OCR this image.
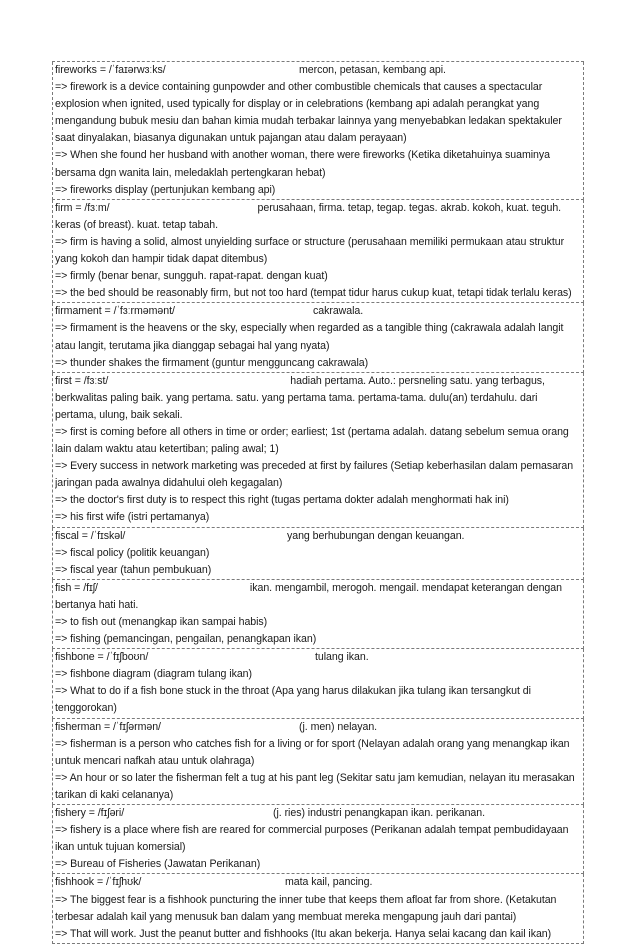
fireworks = /ˈfaɪərwɜːks/	mercon, petasan, kembang api.
=> firework is a device containing gunpowder and other combustible chemicals that causes a spectacular explosion when ignited, used typically for display or in celebrations (kembang api adalah perangkat yang mengandung bubuk mesiu dan bahan kimia mudah terbakar lainnya yang menyebabkan ledakan spektakuler saat dinyalakan, biasanya digunakan untuk pajangan atau dalam perayaan)
=> When she found her husband with another woman, there were fireworks (Ketika diketahuinya suaminya bersama dgn wanita lain, meledaklah pertengkaran hebat)
=> fireworks display (pertunjukan kembang api)
firm = /fɜːm/	perusahaan, firma. tetap, tegap. tegas. akrab. kokoh, kuat. teguh. keras (of breast). kuat. tetap tabah.
=> firm is having a solid, almost unyielding surface or structure (perusahaan memiliki permukaan atau struktur yang kokoh dan hampir tidak dapat ditembus)
=> firmly (benar benar, sungguh. rapat-rapat. dengan kuat)
=> the bed should be reasonably firm, but not too hard (tempat tidur harus cukup kuat, tetapi tidak terlalu keras)
firmament = /ˈfɜːrməmənt/	cakrawala.
=> firmament is the heavens or the sky, especially when regarded as a tangible thing (cakrawala adalah langit atau langit, terutama jika dianggap sebagai hal yang nyata)
=> thunder shakes the firmament (guntur mengguncang cakrawala)
first = /fɜːst/	hadiah pertama. Auto.: persneling satu. yang terbagus, berkwalitas paling baik. yang pertama. satu. yang pertama tama. pertama-tama. dulu(an) terdahulu. dari pertama, ulung, baik sekali.
=> first is coming before all others in time or order; earliest; 1st (pertama adalah. datang sebelum semua orang lain dalam waktu atau ketertiban; paling awal; 1)
=> Every success in network marketing was preceded at first by failures (Setiap keberhasilan dalam pemasaran jaringan pada awalnya didahului oleh kegagalan)
=> the doctor's first duty is to respect this right (tugas pertama dokter adalah menghormati hak ini)
=> his first wife (istri pertamanya)
fiscal = /ˈfɪskəl/	yang berhubungan dengan keuangan.
=> fiscal policy (politik keuangan)
=> fiscal year (tahun pembukuan)
fish = /fɪʃ/	ikan. mengambil, merogoh. mengail. mendapat keterangan dengan bertanya hati hati.
=> to fish out (menangkap ikan sampai habis)
=> fishing (pemancingan, pengailan, penangkapan ikan)
fishbone = /ˈfɪʃboʊn/	tulang ikan.
=> fishbone diagram (diagram tulang ikan)
=> What to do if a fish bone stuck in the throat (Apa yang harus dilakukan jika tulang ikan tersangkut di tenggorokan)
fisherman = /ˈfɪʃərmən/	(j. men) nelayan.
=> fisherman is a person who catches fish for a living or for sport (Nelayan adalah orang yang menangkap ikan untuk mencari nafkah atau untuk olahraga)
=> An hour or so later the fisherman felt a tug at his pant leg (Sekitar satu jam kemudian, nelayan itu merasakan tarikan di kaki celananya)
fishery = /fɪʃəri/	(j. ries) industri penangkapan ikan. perikanan.
=> fishery is a place where fish are reared for commercial purposes (Perikanan adalah tempat pembudidayaan ikan untuk tujuan komersial)
=> Bureau of Fisheries (Jawatan Perikanan)
fishhook = /ˈfɪʃhʊk/	mata kail, pancing.
=> The biggest fear is a fishhook puncturing the inner tube that keeps them afloat far from shore. (Ketakutan terbesar adalah kail yang menusuk ban dalam yang membuat mereka mengapung jauh dari pantai)
=> That will work. Just the peanut butter and fishhooks (Itu akan bekerja. Hanya selai kacang dan kail ikan)
